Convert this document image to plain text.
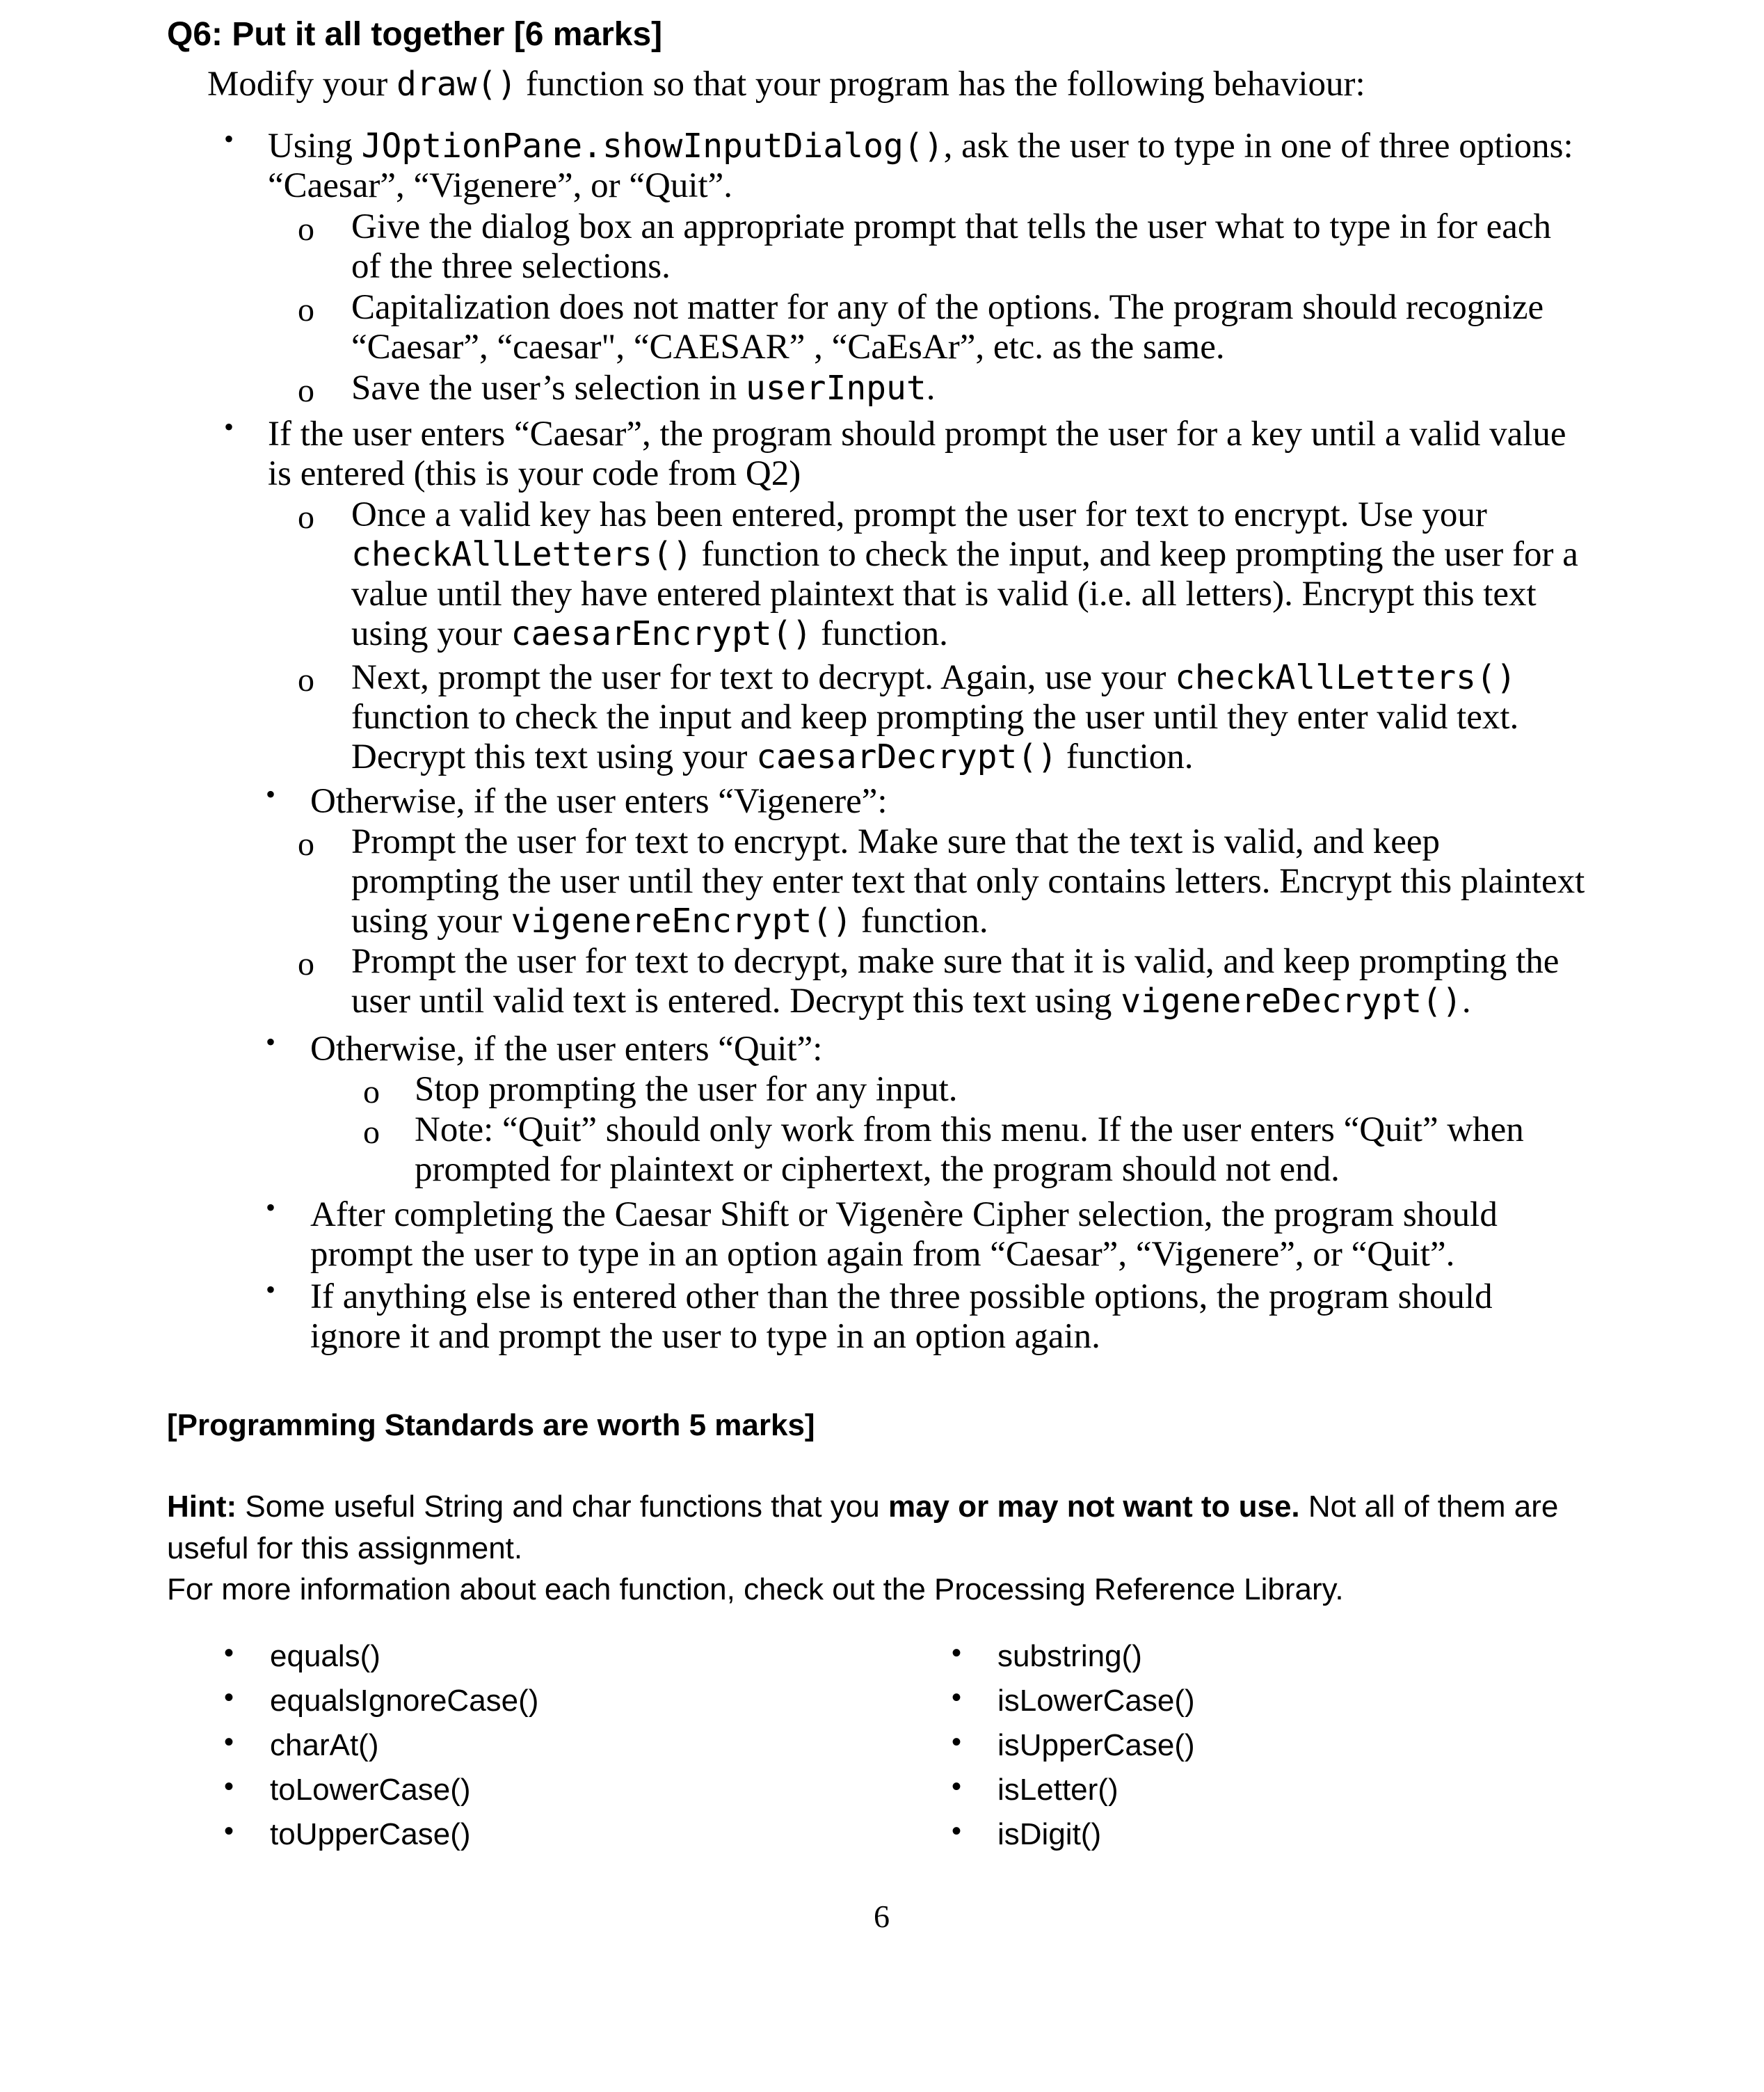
Q6: Put it all together [6 marks]
Modify your draw() function so that your program has the following behaviour:
• Using JOptionPane.showInputDialog(), ask the user to type in one of three options:
“Caesar”, “Vigenere”, or “Quit”.
o Give the dialog box an appropriate prompt that tells the user what to type in for each
of the three selections.
o Capitalization does not matter for any of the options. The program should recognize
“Caesar”, “caesar", “CAESAR” , “CaEsAr”, etc. as the same.
o Save the user’s selection in userInput.
• If the user enters “Caesar”, the program should prompt the user for a key until a valid value
is entered (this is your code from Q2)
o Once a valid key has been entered, prompt the user for text to encrypt. Use your
checkAllLetters() function to check the input, and keep prompting the user for a
value until they have entered plaintext that is valid (i.e. all letters). Encrypt this text
using your caesarEncrypt() function.
o Next, prompt the user for text to decrypt. Again, use your checkAllLetters()
function to check the input and keep prompting the user until they enter valid text.
Decrypt this text using your caesarDecrypt() function.
• Otherwise, if the user enters “Vigenere”:
o Prompt the user for text to encrypt. Make sure that the text is valid, and keep
prompting the user until they enter text that only contains letters. Encrypt this plaintext
using your vigenereEncrypt() function.
o Prompt the user for text to decrypt, make sure that it is valid, and keep prompting the
user until valid text is entered. Decrypt this text using vigenereDecrypt().
• Otherwise, if the user enters “Quit”:
o Stop prompting the user for any input.
o Note: “Quit” should only work from this menu. If the user enters “Quit” when
prompted for plaintext or ciphertext, the program should not end.
• After completing the Caesar Shift or Vigenère Cipher selection, the program should
prompt the user to type in an option again from “Caesar”, “Vigenere”, or “Quit”.
• If anything else is entered other than the three possible options, the program should
ignore it and prompt the user to type in an option again.
[Programming Standards are worth 5 marks]
Hint: Some useful String and char functions that you may or may not want to use. Not all of them are useful for this assignment.
For more information about each function, check out the Processing Reference Library.
• equals()
• equalsIgnoreCase()
• charAt()
• toLowerCase()
• toUpperCase()
• substring()
• isLowerCase()
• isUpperCase()
• isLetter()
• isDigit()
6
